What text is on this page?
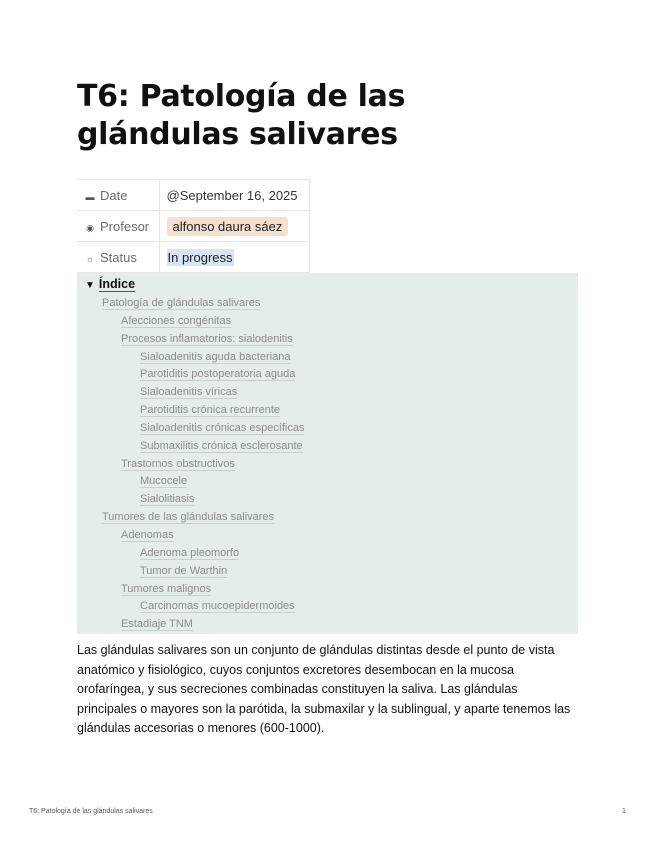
T6: Patología de las glándulas salivares
▬ Date	@September 16, 2025
◉ Profesor	alfonso daura sáez
☼ Status	In progress
▼ Índice
Patología de glándulas salivares
Afecciones congénitas
Procesos inflamatorios: sialodenitis
Sialoadenitis aguda bacteriana
Parotiditis postoperatoria aguda
Sialoadenitis víricas
Parotiditis crónica recurrente
Sialoadenitis crónicas específicas
Submaxilitis crónica esclerosante
Trastornos obstructivos
Mucocele
Sialolitiasis
Tumores de las glándulas salivares
Adenomas
Adenoma pleomorfo
Tumor de Warthin
Tumores malignos
Carcinomas mucoepidermoides
Estadiaje TNM

Las glándulas salivares son un conjunto de glándulas distintas desde el punto de vista anatómico y fisiológico, cuyos conjuntos excretores desembocan en la mucosa orofaríngea, y sus secreciones combinadas constituyen la saliva. Las glándulas principales o mayores son la parótida, la submaxilar y la sublingual, y aparte tenemos las glándulas accesorias o menores (600-1000).

T6: Patología de las glándulas salivares	1
